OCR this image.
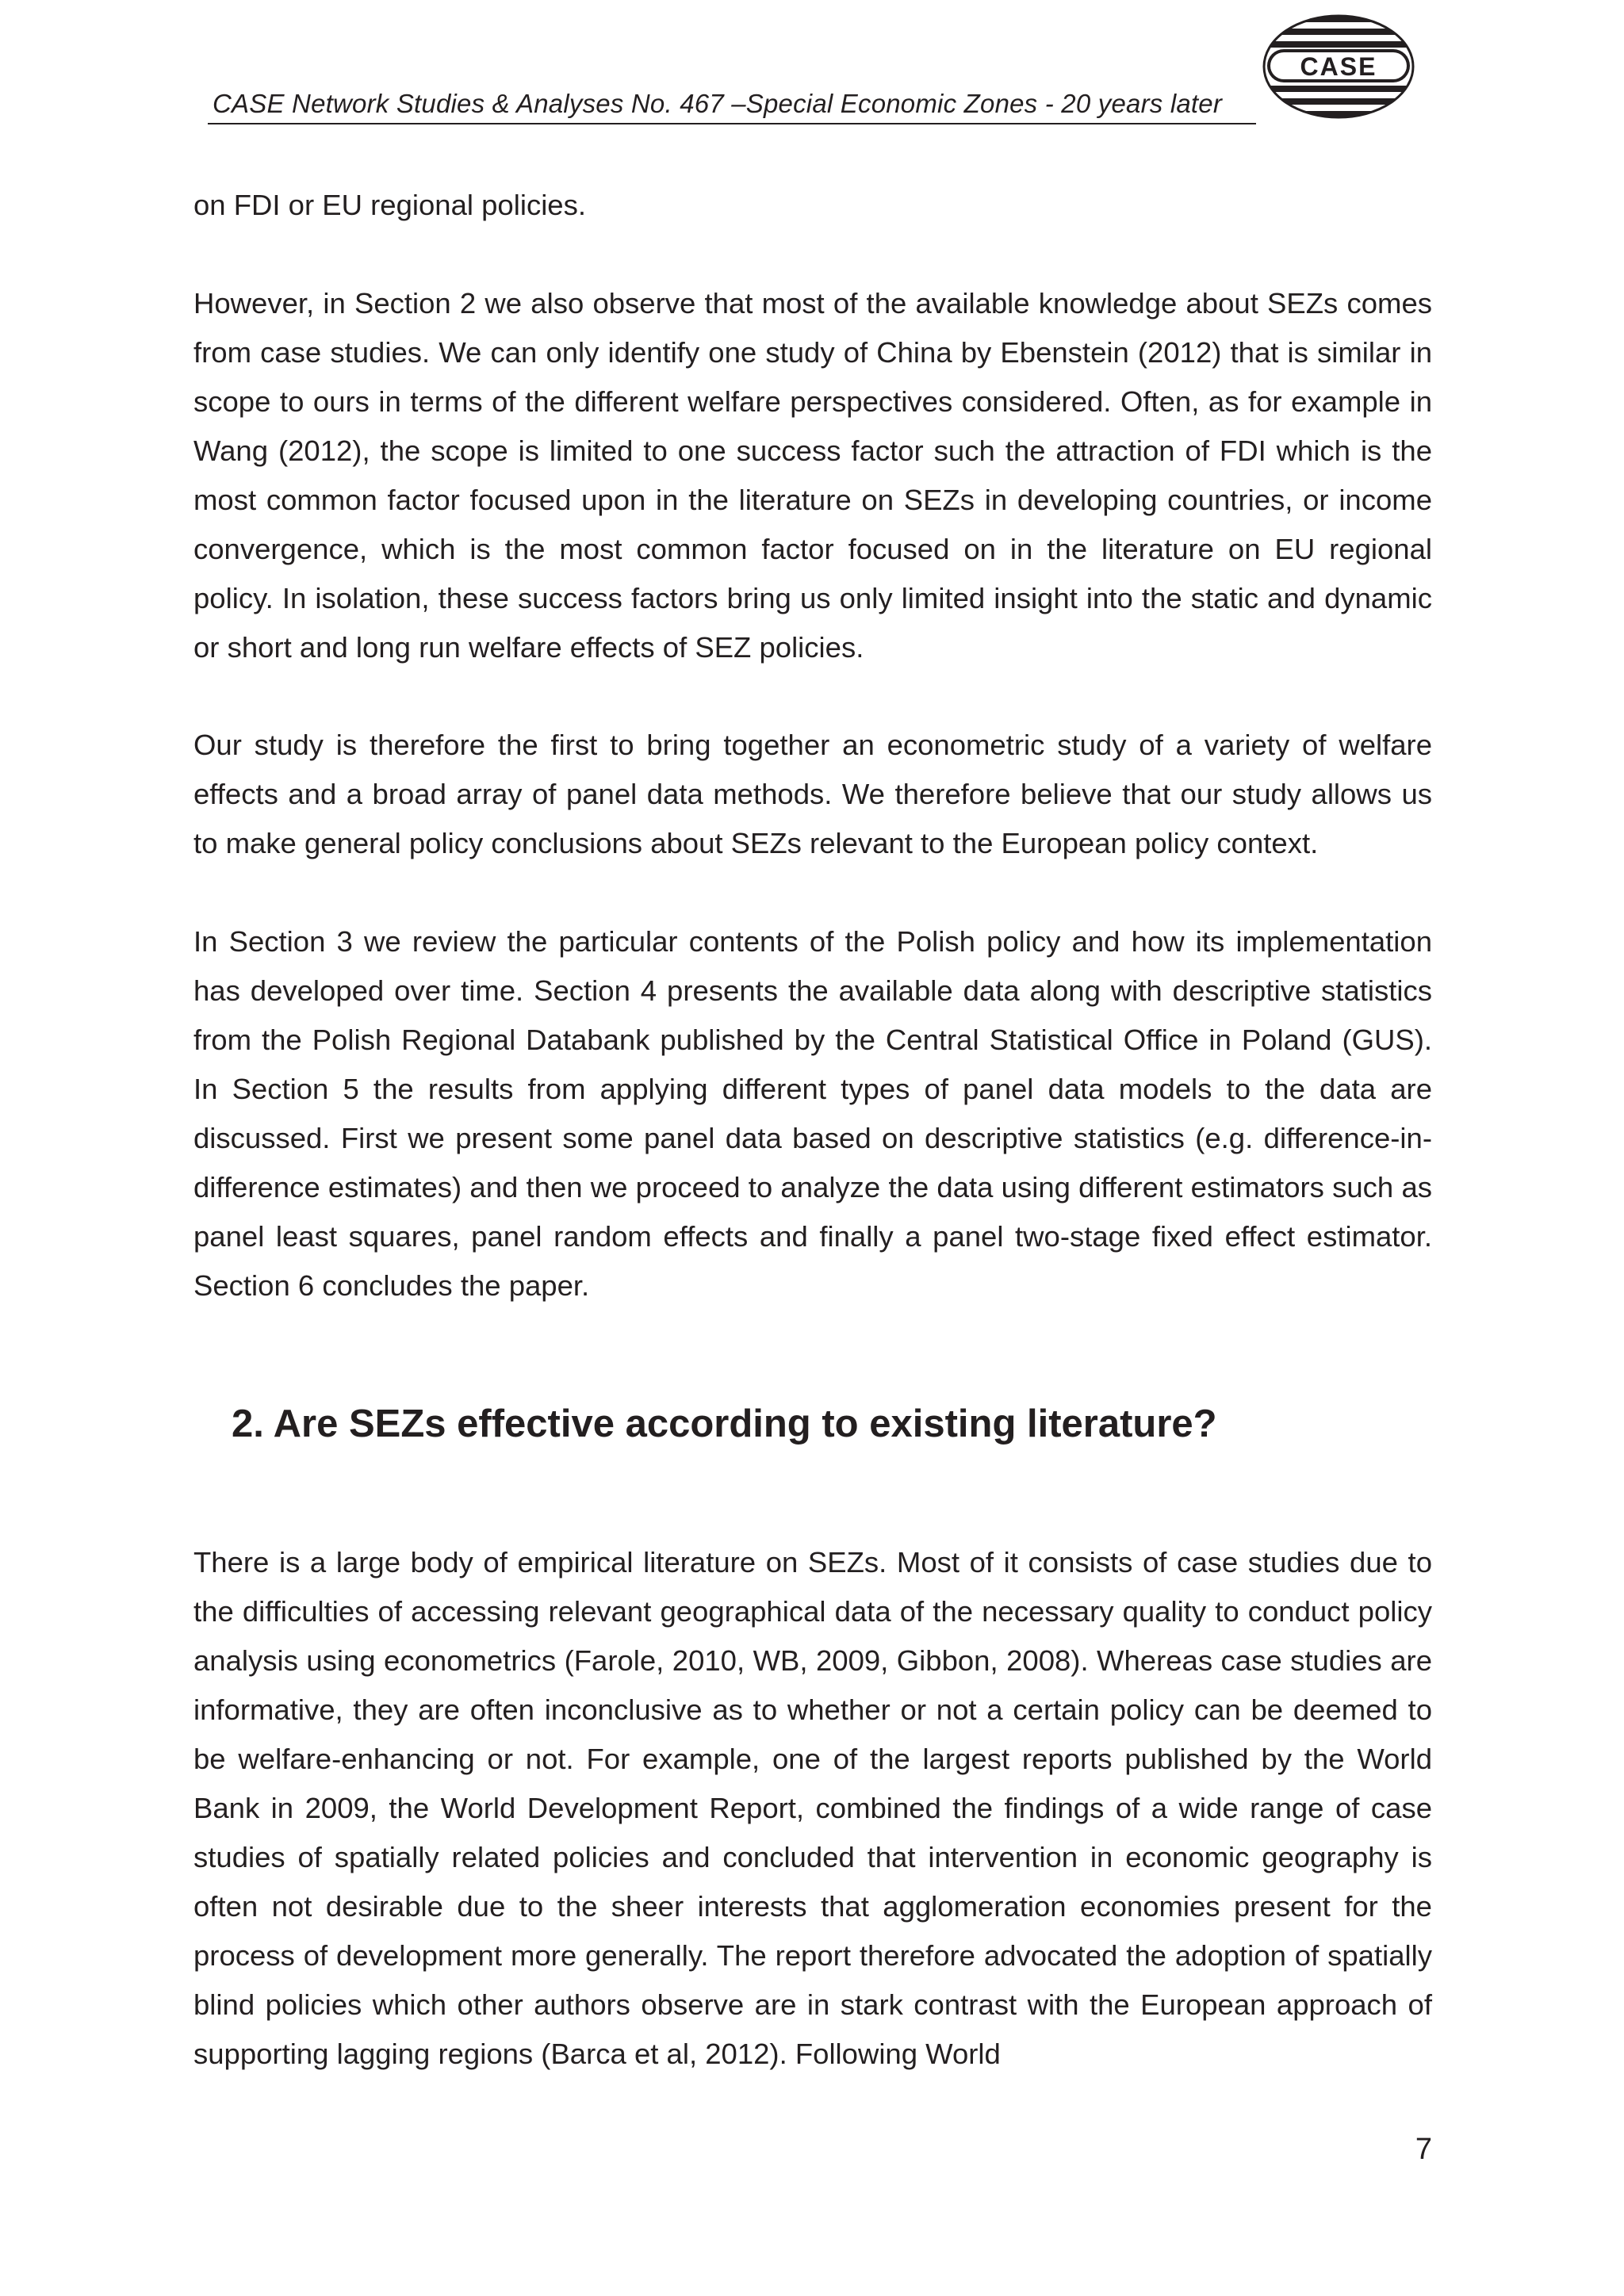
CASE Network Studies & Analyses No. 467 –Special Economic Zones - 20 years later
CASE

on FDI or EU regional policies.

However, in Section 2 we also observe that most of the available knowledge about SEZs comes from case studies. We can only identify one study of China by Ebenstein (2012) that is similar in scope to ours in terms of the different welfare perspectives considered. Often, as for example in Wang (2012), the scope is limited to one success factor such the attraction of FDI which is the most common factor focused upon in the literature on SEZs in developing countries, or income convergence, which is the most common factor focused on in the literature on EU regional policy. In isolation, these success factors bring us only limited insight into the static and dynamic or short and long run welfare effects of SEZ policies.

Our study is therefore the first to bring together an econometric study of a variety of welfare effects and a broad array of panel data methods. We therefore believe that our study allows us to make general policy conclusions about SEZs relevant to the European policy context.

In Section 3 we review the particular contents of the Polish policy and how its implementation has developed over time. Section 4 presents the available data along with descriptive statistics from the Polish Regional Databank published by the Central Statistical Office in Poland (GUS). In Section 5 the results from applying different types of panel data models to the data are discussed. First we present some panel data based on descriptive statistics (e.g. difference-in-difference estimates) and then we proceed to analyze the data using different estimators such as panel least squares, panel random effects and finally a panel two-stage fixed effect estimator. Section 6 concludes the paper.

2. Are SEZs effective according to existing literature?

There is a large body of empirical literature on SEZs. Most of it consists of case studies due to the difficulties of accessing relevant geographical data of the necessary quality to conduct policy analysis using econometrics (Farole, 2010, WB, 2009, Gibbon, 2008). Whereas case studies are informative, they are often inconclusive as to whether or not a certain policy can be deemed to be welfare-enhancing or not. For example, one of the largest reports published by the World Bank in 2009, the World Development Report, combined the findings of a wide range of case studies of spatially related policies and concluded that intervention in economic geography is often not desirable due to the sheer interests that agglomeration economies present for the process of development more generally. The report therefore advocated the adoption of spatially blind policies which other authors observe are in stark contrast with the European approach of supporting lagging regions (Barca et al, 2012). Following World

7
